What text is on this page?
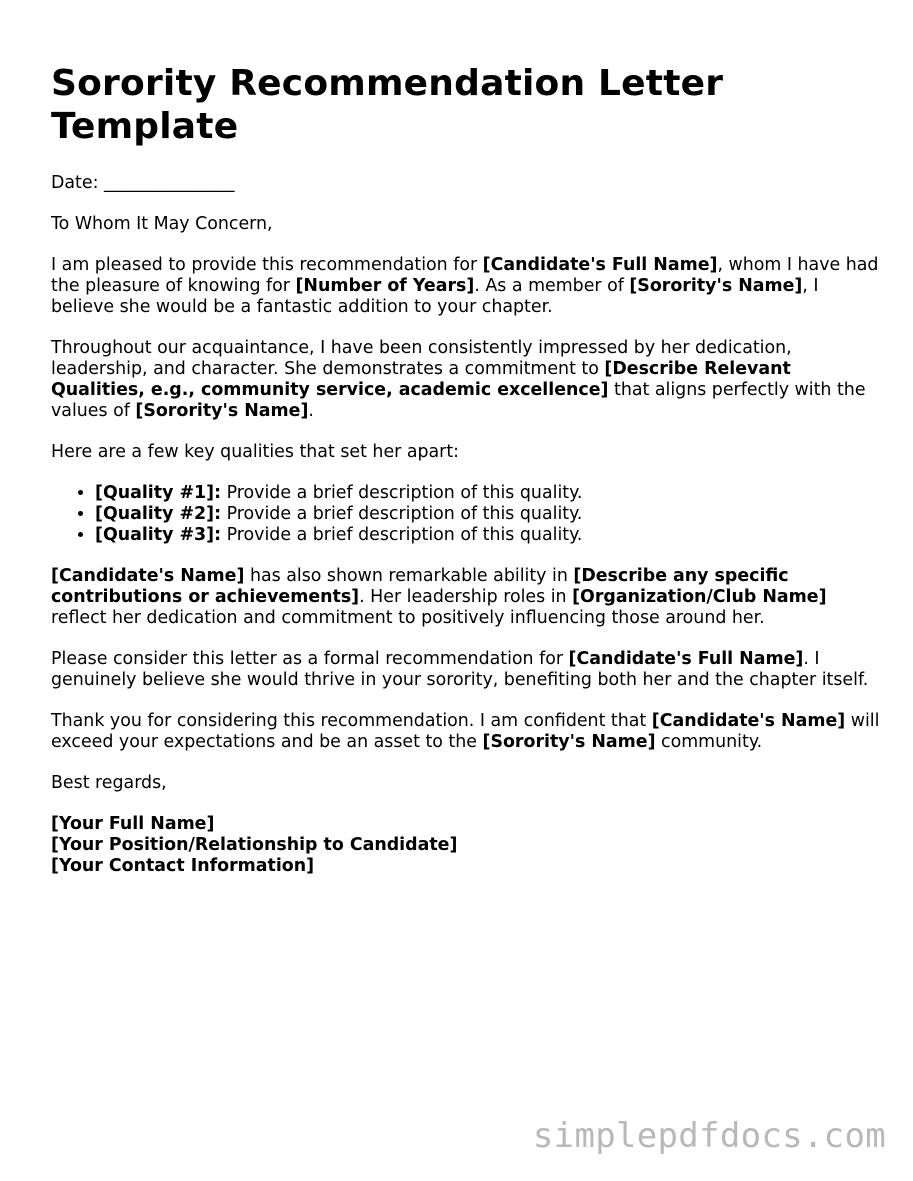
Sorority Recommendation Letter Template

Date: _______________

To Whom It May Concern,

I am pleased to provide this recommendation for [Candidate's Full Name], whom I have had the pleasure of knowing for [Number of Years]. As a member of [Sorority's Name], I believe she would be a fantastic addition to your chapter.

Throughout our acquaintance, I have been consistently impressed by her dedication, leadership, and character. She demonstrates a commitment to [Describe Relevant Qualities, e.g., community service, academic excellence] that aligns perfectly with the values of [Sorority's Name].

Here are a few key qualities that set her apart:

• [Quality #1]: Provide a brief description of this quality.
• [Quality #2]: Provide a brief description of this quality.
• [Quality #3]: Provide a brief description of this quality.

[Candidate's Name] has also shown remarkable ability in [Describe any specific contributions or achievements]. Her leadership roles in [Organization/Club Name] reflect her dedication and commitment to positively influencing those around her.

Please consider this letter as a formal recommendation for [Candidate's Full Name]. I genuinely believe she would thrive in your sorority, benefiting both her and the chapter itself.

Thank you for considering this recommendation. I am confident that [Candidate's Name] will exceed your expectations and be an asset to the [Sorority's Name] community.

Best regards,

[Your Full Name]

[Your Position/Relationship to Candidate]

[Your Contact Information]

simplepdfdocs.com
